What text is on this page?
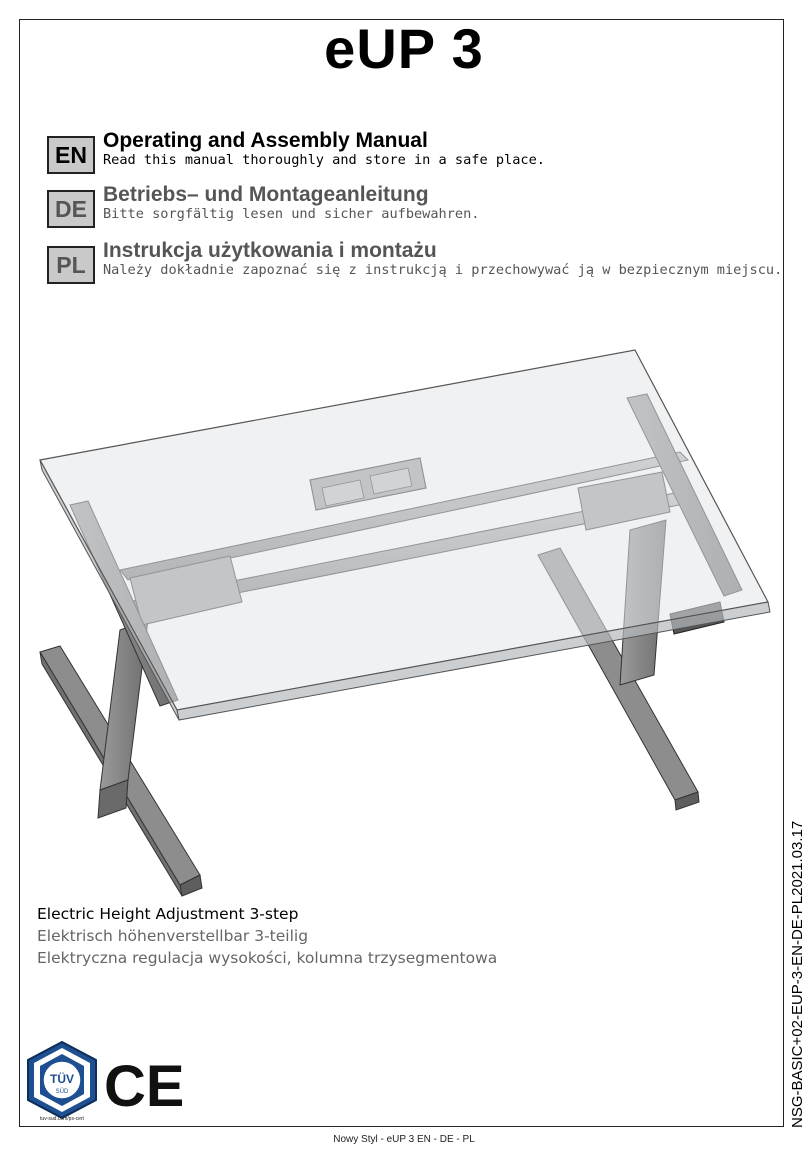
eUP 3
EN
Operating and Assembly Manual
Read this manual thoroughly and store in a safe place.
DE
Betriebs– und Montageanleitung
Bitte sorgfältig lesen und sicher aufbewahren.
PL
Instrukcja użytkowania i montażu
Należy dokładnie zapoznać się z instrukcją i przechowywać ją w bezpiecznym miejscu.
Electric Height Adjustment 3-step
Elektrisch höhenverstellbar 3-teilig
Elektryczna regulacja wysokości, kolumna trzysegmentowa
TÜV
SÜD
tuv-sud.com/ps-cert CE	NSG-BASIC+02-EUP-3-EN-DE-PL2021.03.17
Nowy Styl - eUP 3 EN - DE - PL
